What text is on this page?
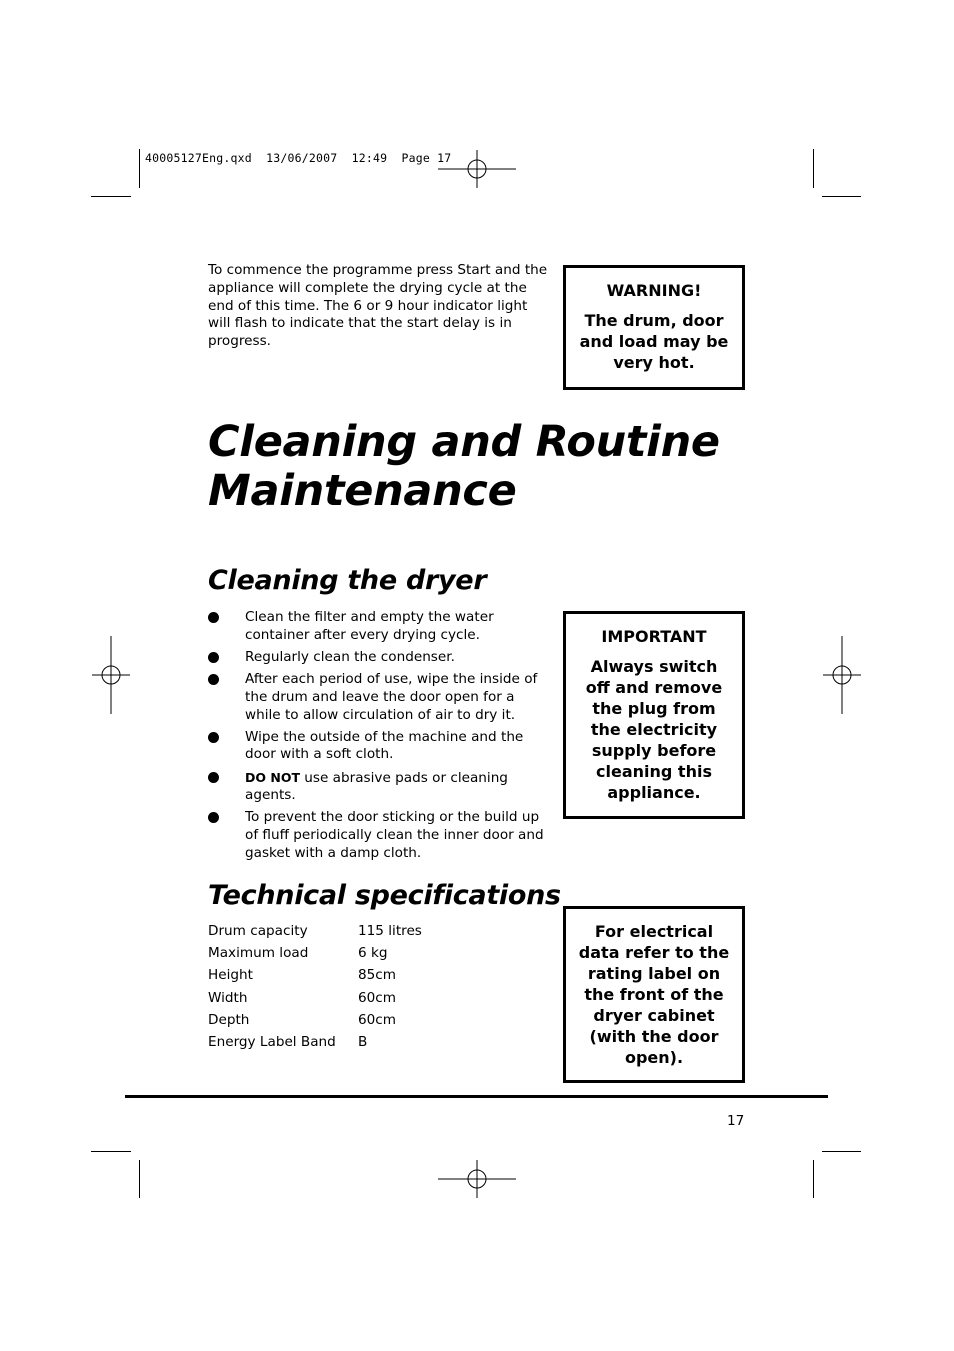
40005127Eng.qxd  13/06/2007  12:49  Page 17

To commence the programme press Start and the appliance will complete the drying cycle at the end of this time. The 6 or 9 hour indicator light will flash to indicate that the start delay is in progress.

WARNING!
The drum, door and load may be very hot.
Cleaning and Routine Maintenance
Cleaning the dryer
Clean the filter and empty the water container after every drying cycle.
Regularly clean the condenser.
After each period of use, wipe the inside of the drum and leave the door open for a while to allow circulation of air to dry it.
Wipe the outside of the machine and the door with a soft cloth.
DO NOT use abrasive pads or cleaning agents.
To prevent the door sticking or the build up of fluff periodically clean the inner door and gasket with a damp cloth.
IMPORTANT
Always switch off and remove the plug from the electricity supply before cleaning this appliance.
Technical specifications
Drum capacity	115 litres
Maximum load	6 kg
Height	85cm
Width	60cm
Depth	60cm
Energy Label Band	B
For electrical data refer to the rating label on the front of the dryer cabinet (with the door open).
17
